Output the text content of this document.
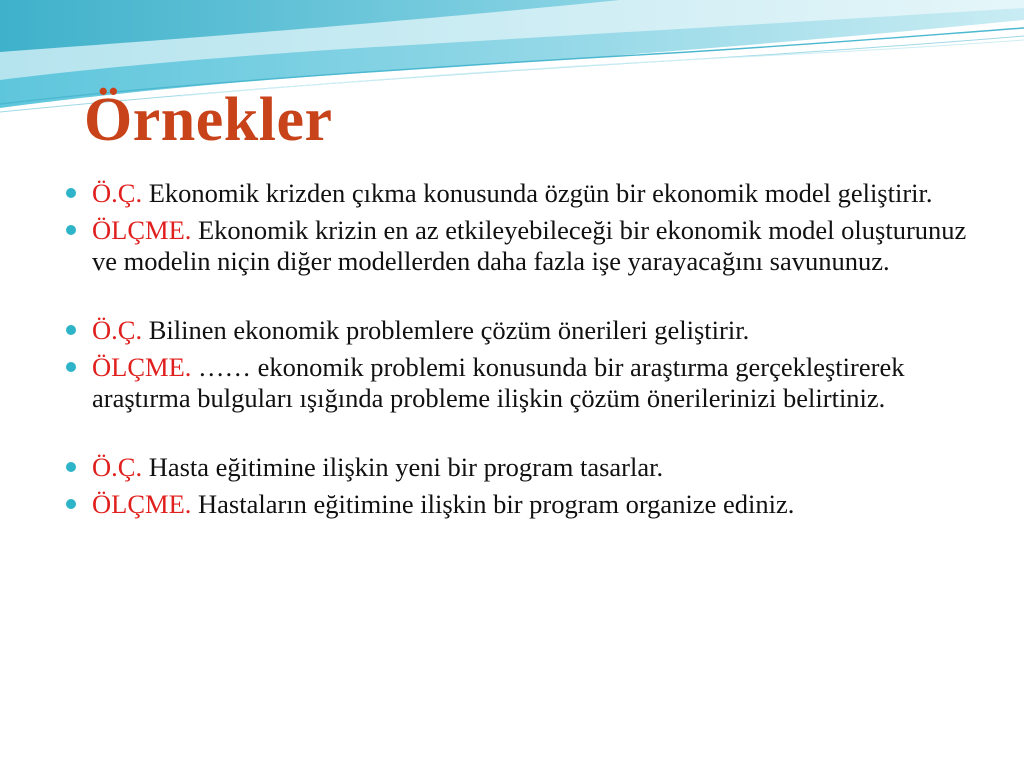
Örnekler
Ö.Ç. Ekonomik krizden çıkma konusunda özgün bir ekonomik model geliştirir.
ÖLÇME. Ekonomik krizin en az etkileyebileceği bir ekonomik model oluşturunuz ve modelin niçin diğer modellerden daha fazla işe yarayacağını savununuz.
Ö.Ç. Bilinen ekonomik problemlere çözüm önerileri geliştirir.
ÖLÇME. …… ekonomik problemi konusunda bir araştırma gerçekleştirerek araştırma bulguları ışığında probleme ilişkin çözüm önerilerinizi belirtiniz.
Ö.Ç. Hasta eğitimine ilişkin yeni bir program tasarlar.
ÖLÇME. Hastaların eğitimine ilişkin bir program organize ediniz.
